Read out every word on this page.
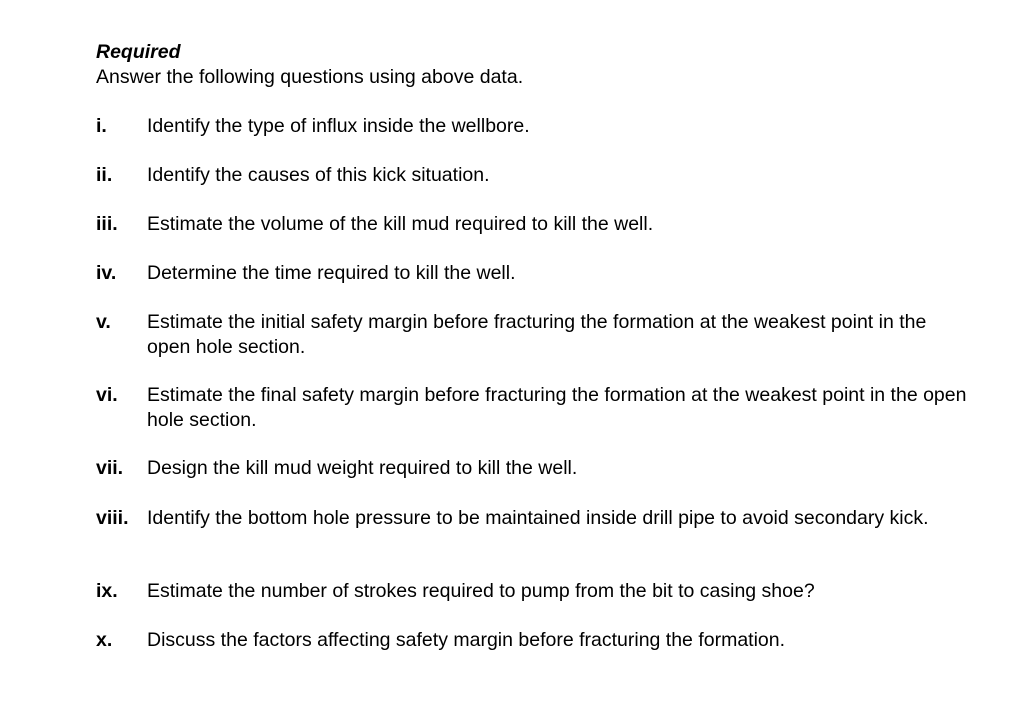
Required
Answer the following questions using above data.
i. Identify the type of influx inside the wellbore.
ii. Identify the causes of this kick situation.
iii. Estimate the volume of the kill mud required to kill the well.
iv. Determine the time required to kill the well.
v. Estimate the initial safety margin before fracturing the formation at the weakest point in the open hole section.
vi. Estimate the final safety margin before fracturing the formation at the weakest point in the open hole section.
vii. Design the kill mud weight required to kill the well.
viii. Identify the bottom hole pressure to be maintained inside drill pipe to avoid secondary kick.
ix. Estimate the number of strokes required to pump from the bit to casing shoe?
x. Discuss the factors affecting safety margin before fracturing the formation.
